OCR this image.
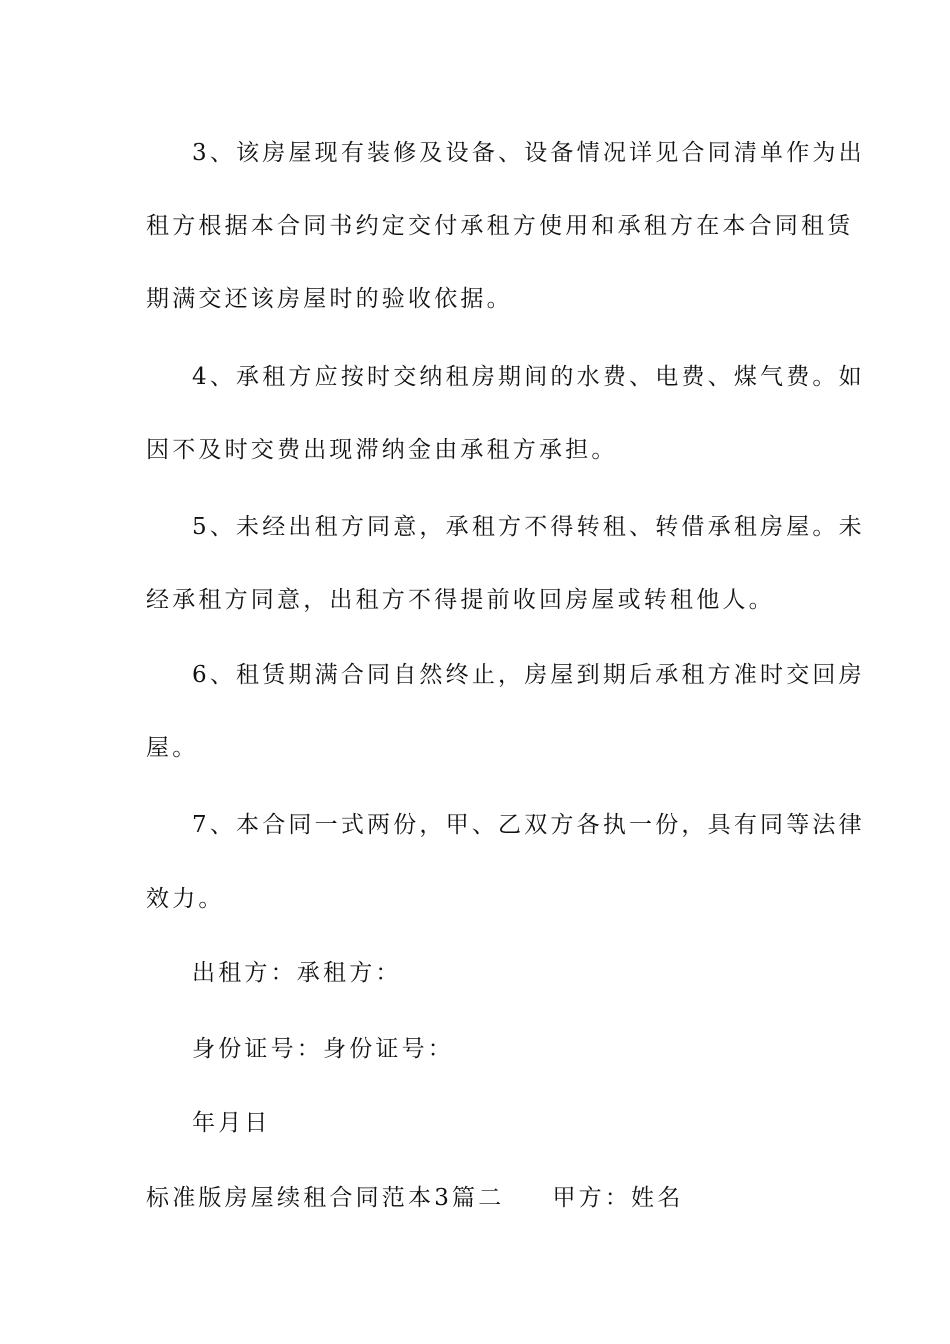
3、该房屋现有装修及设备、设备情况详见合同清单作为出
租方根据本合同书约定交付承租方使用和承租方在本合同租赁
期满交还该房屋时的验收依据。
4、承租方应按时交纳租房期间的水费、电费、煤气费。如
因不及时交费出现滞纳金由承租方承担。
5、未经出租方同意，承租方不得转租、转借承租房屋。未
经承租方同意，出租方不得提前收回房屋或转租他人。
6、租赁期满合同自然终止，房屋到期后承租方准时交回房
屋。
7、本合同一式两份，甲、乙双方各执一份，具有同等法律
效力。
出租方：承租方：
身份证号：身份证号：
年月日
标准版房屋续租合同范本3篇二 甲方：姓名
